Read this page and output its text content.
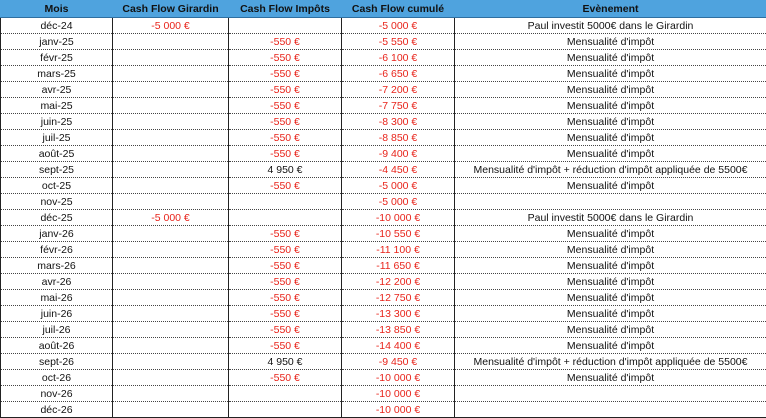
Mois	Cash Flow Girardin	Cash Flow Impôts	Cash Flow cumulé	Evènement
déc-24	-5 000 €		-5 000 €	Paul investit 5000€ dans le Girardin
janv-25		-550 €	-5 550 €	Mensualité d'impôt
févr-25		-550 €	-6 100 €	Mensualité d'impôt
mars-25		-550 €	-6 650 €	Mensualité d'impôt
avr-25		-550 €	-7 200 €	Mensualité d'impôt
mai-25		-550 €	-7 750 €	Mensualité d'impôt
juin-25		-550 €	-8 300 €	Mensualité d'impôt
juil-25		-550 €	-8 850 €	Mensualité d'impôt
août-25		-550 €	-9 400 €	Mensualité d'impôt
sept-25		4 950 €	-4 450 €	Mensualité d'impôt + réduction d'impôt appliquée de 5500€
oct-25		-550 €	-5 000 €	Mensualité d'impôt
nov-25			-5 000 €	
déc-25	-5 000 €		-10 000 €	Paul investit 5000€ dans le Girardin
janv-26		-550 €	-10 550 €	Mensualité d'impôt
févr-26		-550 €	-11 100 €	Mensualité d'impôt
mars-26		-550 €	-11 650 €	Mensualité d'impôt
avr-26		-550 €	-12 200 €	Mensualité d'impôt
mai-26		-550 €	-12 750 €	Mensualité d'impôt
juin-26		-550 €	-13 300 €	Mensualité d'impôt
juil-26		-550 €	-13 850 €	Mensualité d'impôt
août-26		-550 €	-14 400 €	Mensualité d'impôt
sept-26		4 950 €	-9 450 €	Mensualité d'impôt + réduction d'impôt appliquée de 5500€
oct-26		-550 €	-10 000 €	Mensualité d'impôt
nov-26			-10 000 €	
déc-26			-10 000 €	
